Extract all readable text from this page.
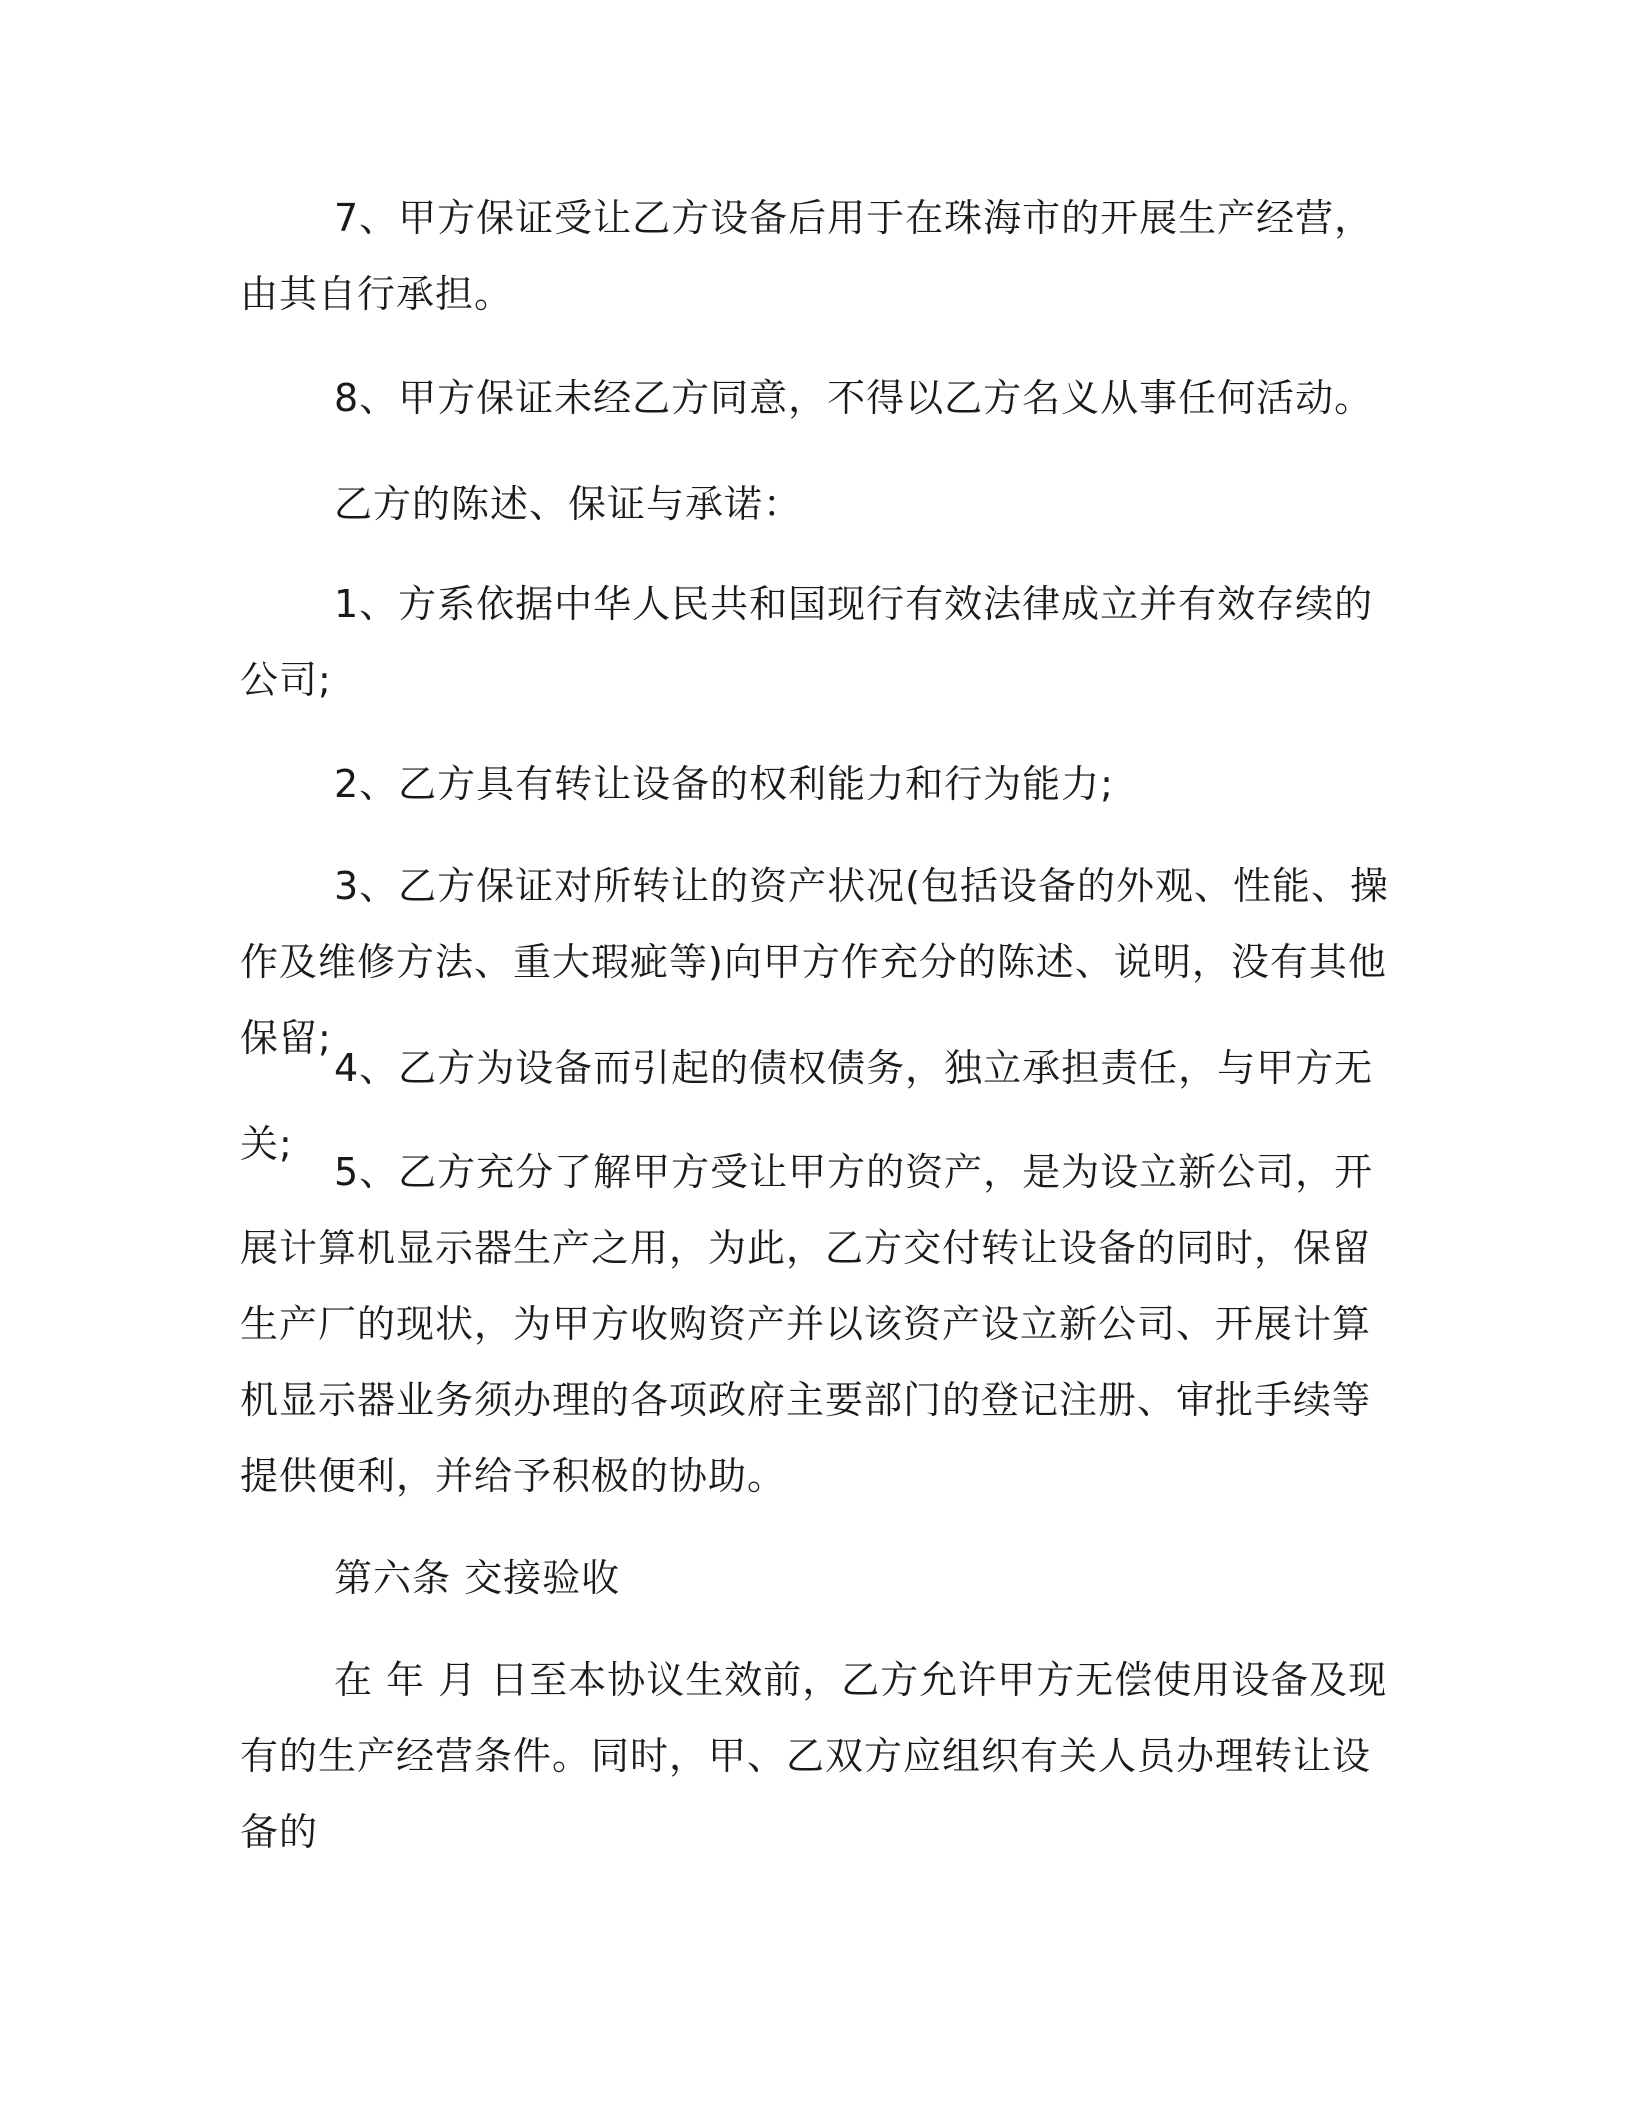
7、甲方保证受让乙方设备后用于在珠海市的开展生产经营，由其自行承担。

8、甲方保证未经乙方同意，不得以乙方名义从事任何活动。

乙方的陈述、保证与承诺：

1、方系依据中华人民共和国现行有效法律成立并有效存续的公司;

2、乙方具有转让设备的权利能力和行为能力;

3、乙方保证对所转让的资产状况(包括设备的外观、性能、操作及维修方法、重大瑕疵等)向甲方作充分的陈述、说明，没有其他保留;

4、乙方为设备而引起的债权债务，独立承担责任，与甲方无关;

5、乙方充分了解甲方受让甲方的资产，是为设立新公司，开展计算机显示器生产之用，为此，乙方交付转让设备的同时，保留生产厂的现状，为甲方收购资产并以该资产设立新公司、开展计算机显示器业务须办理的各项政府主要部门的登记注册、审批手续等提供便利，并给予积极的协助。

第六条 交接验收

在 年 月 日至本协议生效前，乙方允许甲方无偿使用设备及现有的生产经营条件。同时，甲、乙双方应组织有关人员办理转让设备的
